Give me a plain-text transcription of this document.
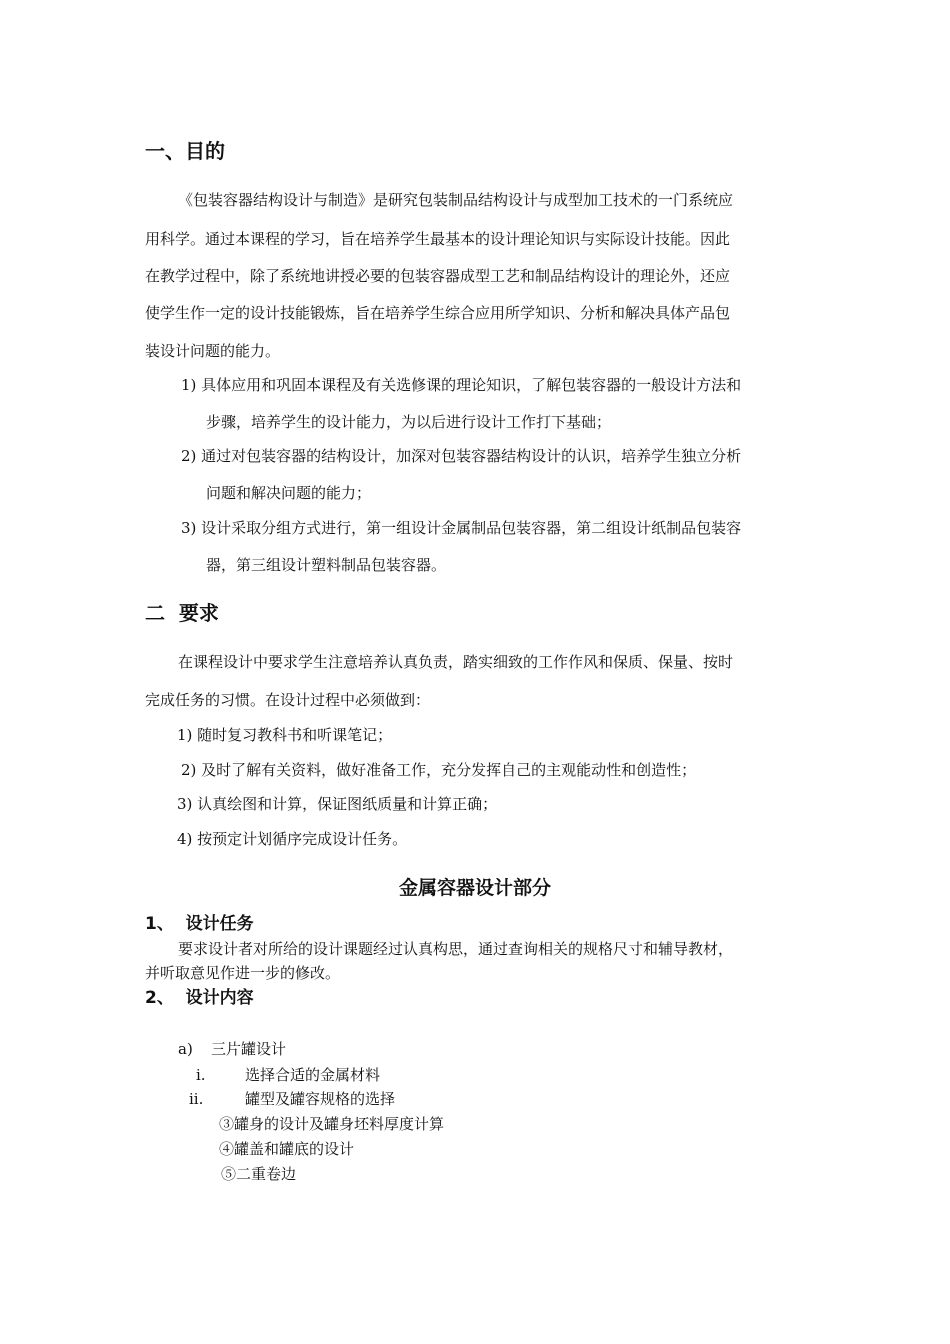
一、目的
《包装容器结构设计与制造》是研究包装制品结构设计与成型加工技术的一门系统应
用科学。通过本课程的学习，旨在培养学生最基本的设计理论知识与实际设计技能。因此
在教学过程中，除了系统地讲授必要的包装容器成型工艺和制品结构设计的理论外，还应
使学生作一定的设计技能锻炼，旨在培养学生综合应用所学知识、分析和解决具体产品包
装设计问题的能力。
1) 具体应用和巩固本课程及有关选修课的理论知识，了解包装容器的一般设计方法和
步骤，培养学生的设计能力，为以后进行设计工作打下基础；
2) 通过对包装容器的结构设计，加深对包装容器结构设计的认识，培养学生独立分析
问题和解决问题的能力；
3) 设计采取分组方式进行，第一组设计金属制品包装容器，第二组设计纸制品包装容
器，第三组设计塑料制品包装容器。
二  要求
在课程设计中要求学生注意培养认真负责，踏实细致的工作作风和保质、保量、按时
完成任务的习惯。在设计过程中必须做到：
1) 随时复习教科书和听课笔记；
2) 及时了解有关资料，做好准备工作，充分发挥自己的主观能动性和创造性；
3) 认真绘图和计算，保证图纸质量和计算正确；
4) 按预定计划循序完成设计任务。
金属容器设计部分
1、  设计任务
要求设计者对所给的设计课题经过认真构思，通过查询相关的规格尺寸和辅导教材，
并听取意见作进一步的修改。
2、  设计内容
a) 三片罐设计
i.	选择合适的金属材料
ii.	罐型及罐容规格的选择
③罐身的设计及罐身坯料厚度计算
④罐盖和罐底的设计
⑤二重卷边
